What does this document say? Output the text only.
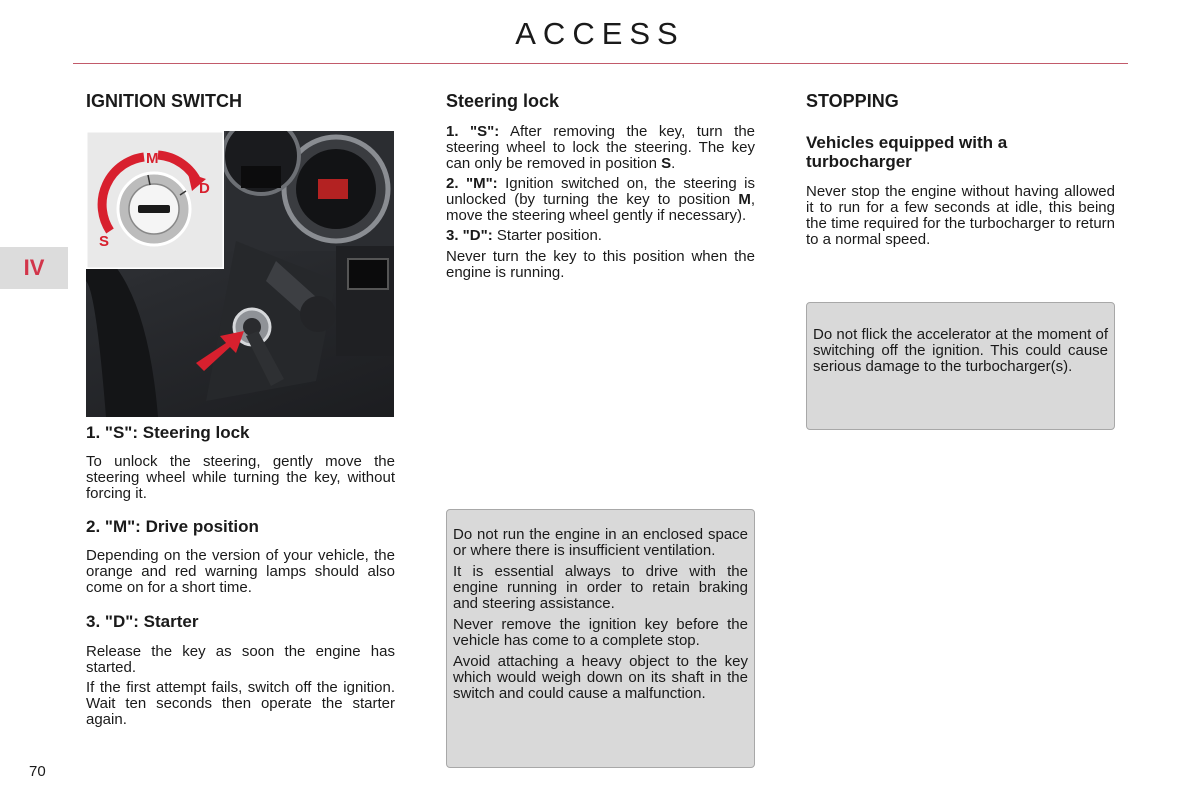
ACCESS
IV
70
IGNITION SWITCH
S
M
D
1. "S": Steering lock

To unlock the steering, gently move the steering wheel while turning the key, without forcing it.

2. "M": Drive position

Depending on the version of your vehicle, the orange and red warning lamps should also come on for a short time.

3. "D": Starter

Release the key as soon the engine has started.

If the first attempt fails, switch off the ignition. Wait ten seconds then operate the starter again.

Steering lock

1. "S": After removing the key, turn the steering wheel to lock the steering. The key can only be removed in position S.

2. "M": Ignition switched on, the steering is unlocked (by turning the key to position M, move the steering wheel gently if necessary).

3. "D": Starter position.

Never turn the key to this position when the engine is running.

Do not run the engine in an enclosed space or where there is insufficient ventilation.

It is essential always to drive with the engine running in order to retain braking and steering assistance.

Never remove the ignition key before the vehicle has come to a complete stop.

Avoid attaching a heavy object to the key which would weigh down on its shaft in the switch and could cause a malfunction.

STOPPING
Vehicles equipped with a turbocharger

Never stop the engine without having allowed it to run for a few seconds at idle, this being the time required for the turbocharger to return to a normal speed.

Do not flick the accelerator at the moment of switching off the ignition. This could cause serious damage to the turbocharger(s).
